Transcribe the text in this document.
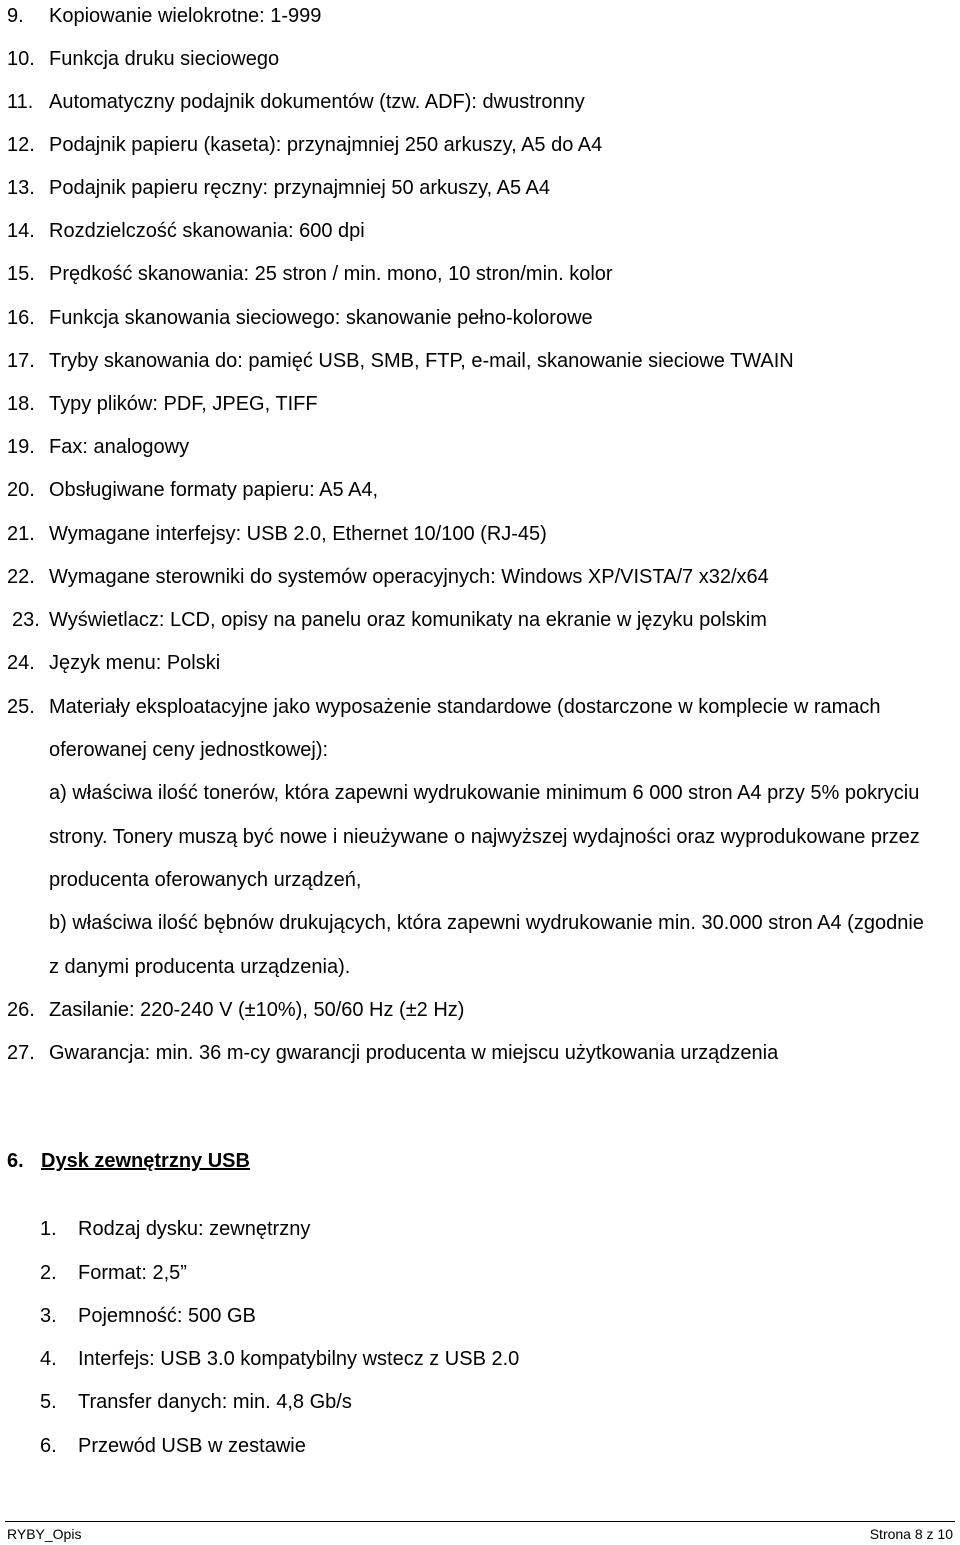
9. Kopiowanie wielokrotne: 1-999
10. Funkcja druku sieciowego
11. Automatyczny podajnik dokumentów (tzw. ADF): dwustronny
12. Podajnik papieru (kaseta): przynajmniej 250 arkuszy, A5 do A4
13. Podajnik papieru ręczny: przynajmniej 50 arkuszy, A5 A4
14. Rozdzielczość skanowania: 600 dpi
15. Prędkość skanowania: 25 stron / min. mono, 10 stron/min. kolor
16. Funkcja skanowania sieciowego: skanowanie pełno-kolorowe
17. Tryby skanowania do: pamięć USB, SMB, FTP, e-mail, skanowanie sieciowe TWAIN
18. Typy plików: PDF, JPEG, TIFF
19. Fax: analogowy
20. Obsługiwane formaty papieru: A5 A4,
21. Wymagane interfejsy: USB 2.0, Ethernet 10/100 (RJ-45)
22. Wymagane sterowniki do systemów operacyjnych: Windows XP/VISTA/7 x32/x64
23. Wyświetlacz: LCD, opisy na panelu oraz komunikaty na ekranie w języku polskim
24. Język menu: Polski
25. Materiały eksploatacyjne jako wyposażenie standardowe (dostarczone w komplecie w ramach
oferowanej ceny jednostkowej):
a) właściwa ilość tonerów, która zapewni wydrukowanie minimum 6 000 stron A4 przy 5% pokryciu
strony. Tonery muszą być nowe i nieużywane o najwyższej wydajności oraz wyprodukowane przez
producenta oferowanych urządzeń,
b) właściwa ilość bębnów drukujących, która zapewni wydrukowanie min. 30.000 stron A4 (zgodnie
z danymi producenta urządzenia).
26. Zasilanie: 220-240 V (±10%), 50/60 Hz (±2 Hz)
27. Gwarancja: min. 36 m-cy gwarancji producenta w miejscu użytkowania urządzenia
6. Dysk zewnętrzny USB
1. Rodzaj dysku: zewnętrzny
2. Format: 2,5”
3. Pojemność: 500 GB
4. Interfejs: USB 3.0 kompatybilny wstecz z USB 2.0
5. Transfer danych: min. 4,8 Gb/s
6. Przewód USB w zestawie
RYBY_Opis	Strona 8 z 10
